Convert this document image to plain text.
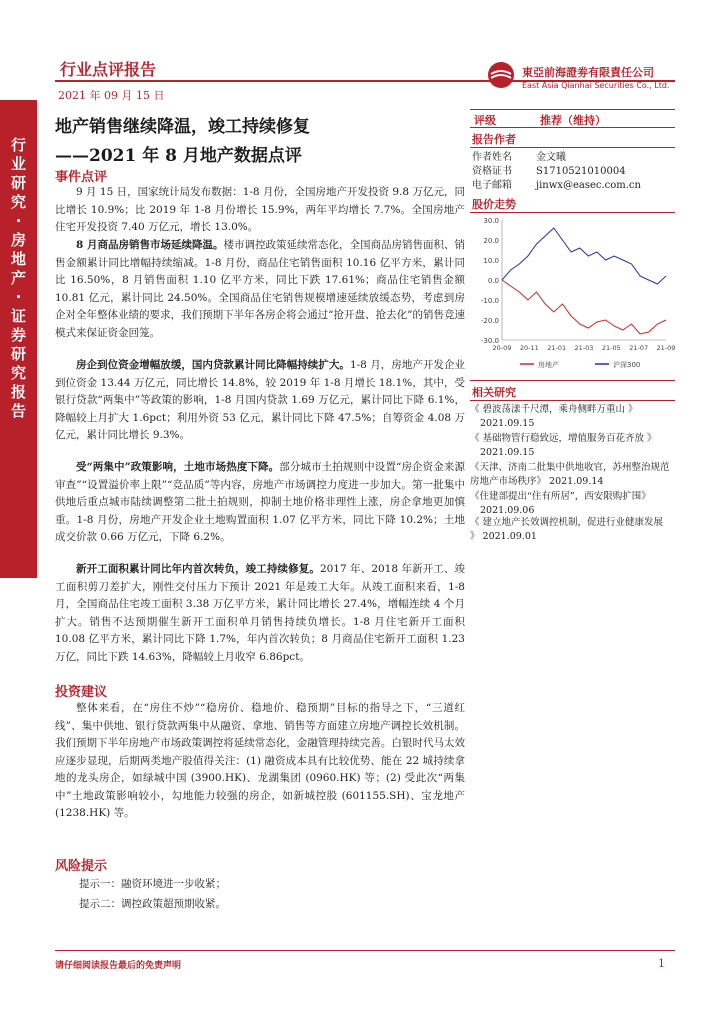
行业研究·房地产·证券研究报告
行业点评报告
2021 年 09 月 15 日
東亞前海證劵有限責任公司
East Asia Qianhai Securities Co., Ltd.
地产销售继续降温，竣工持续修复
——2021 年 8 月地产数据点评
事件点评
9 月 15 日，国家统计局发布数据：1-8 月份，全国房地产开发投资 9.8 万亿元，同比增长 10.9%；比 2019 年 1-8 月份增长 15.9%，两年平均增长 7.7%。全国房地产住宅开发投资 7.40 万亿元，增长 13.0%。
8 月商品房销售市场延续降温。楼市调控政策延续常态化，全国商品房销售面积、销售金额累计同比增幅持续缩减。1-8 月份，商品住宅销售面积 10.16 亿平方米，累计同比 16.50%，8 月销售面积 1.10 亿平方米，同比下跌 17.61%；商品住宅销售金额 10.81 亿元，累计同比 24.50%。全国商品住宅销售规模增速延续放缓态势，考虑到房企对全年整体业绩的要求，我们预期下半年各房企将会通过“抢开盘、抢去化”的销售竞速模式来保证资金回笼。
房企到位资金增幅放缓，国内贷款累计同比降幅持续扩大。1-8 月，房地产开发企业到位资金 13.44 万亿元，同比增长 14.8%，较 2019 年 1-8 月增长 18.1%，其中，受银行贷款“两集中”等政策的影响，1-8 月国内贷款 1.69 万亿元，累计同比下降 6.1%，降幅较上月扩大 1.6pct；利用外资 53 亿元，累计同比下降 47.5%；自筹资金 4.08 万亿元，累计同比增长 9.3%。
受“两集中”政策影响，土地市场热度下降。部分城市土拍规则中设置“房企资金来源审查”“设置溢价率上限”“竞品质”等内容，房地产市场调控力度进一步加大。第一批集中供地后重点城市陆续调整第二批土拍规则，抑制土地价格非理性上涨，房企拿地更加慎重。1-8 月份，房地产开发企业土地购置面积 1.07 亿平方米，同比下降 10.2%；土地成交价款 0.66 万亿元，下降 6.2%。
新开工面积累计同比年内首次转负，竣工持续修复。2017 年、2018 年新开工、竣工面积剪刀差扩大，刚性交付压力下预计 2021 年是竣工大年。从竣工面积来看，1-8 月，全国商品住宅竣工面积 3.38 万亿平方米，累计同比增长 27.4%，增幅连续 4 个月扩大。销售不达预期催生新开工面积单月销售持续负增长。1-8 月住宅新开工面积 10.08 亿平方米，累计同比下降 1.7%，年内首次转负；8 月商品住宅新开工面积 1.23 万亿，同比下跌 14.63%，降幅较上月收窄 6.86pct。
投资建议
整体来看，在“房住不炒”“稳房价、稳地价、稳预期”目标的指导之下，“三道红线”、集中供地、银行贷款两集中从融资、拿地、销售等方面建立房地产调控长效机制。我们预期下半年房地产市场政策调控将延续常态化，金融管理持续完善。白银时代马太效应逐步显现，后期两类地产股值得关注：(1) 融资成本具有比较优势、能在 22 城持续拿地的龙头房企，如绿城中国 (3900.HK)、龙湖集团 (0960.HK) 等；(2) 受此次“两集中”土地政策影响较小，勾地能力较强的房企，如新城控股 (601155.SH)、宝龙地产 (1238.HK) 等。
风险提示
提示一：融资环境进一步收紧；
提示二：调控政策超预期收紧。
评级	推荐（维持）
报告作者
作者姓名 金文曦
资格证书 S1710521010004
电子邮箱 jinwx@easec.com.cn
股价走势
30.0
20.0
10.0
0.0
-10.0
-20.0
-30.0
20-09 20-11 21-01 21-03 21-05 21-07 21-09
房地产	沪深300
相关研究
《 碧波荡漾千尺潭，乘舟侧畔万重山 》
2021.09.15
《 基础物管行稳致远，增值服务百花齐放 》
2021.09.15
《天津、济南二批集中供地收官，苏州整治规范房地产市场秩序》 2021.09.14
《住建部提出“住有所居”，西安限购扩围》
2021.09.06
《 建立地产长效调控机制，促进行业健康发展 》 2021.09.01
请仔细阅读报告最后的免责声明	1
